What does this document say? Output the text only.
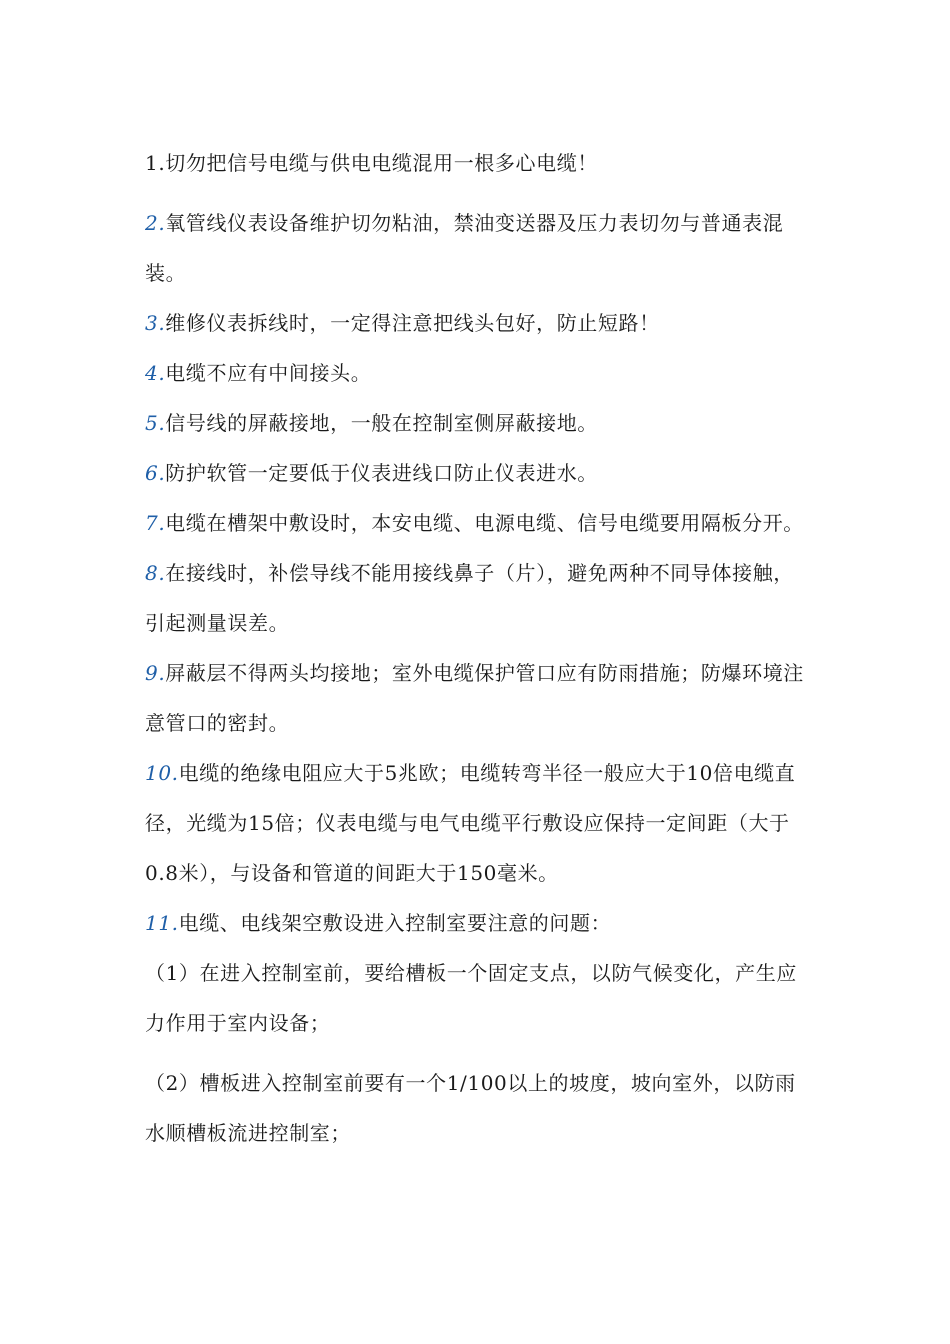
1.切勿把信号电缆与供电电缆混用一根多心电缆！

2.氧管线仪表设备维护切勿粘油，禁油变送器及压力表切勿与普通表混装。

3.维修仪表拆线时，一定得注意把线头包好，防止短路！

4.电缆不应有中间接头。

5.信号线的屏蔽接地，一般在控制室侧屏蔽接地。

6.防护软管一定要低于仪表进线口防止仪表进水。

7.电缆在槽架中敷设时，本安电缆、电源电缆、信号电缆要用隔板分开。

8.在接线时，补偿导线不能用接线鼻子（片），避免两种不同导体接触，引起测量误差。

9.屏蔽层不得两头均接地；室外电缆保护管口应有防雨措施；防爆环境注意管口的密封。

10.电缆的绝缘电阻应大于5兆欧；电缆转弯半径一般应大于10倍电缆直径，光缆为15倍；仪表电缆与电气电缆平行敷设应保持一定间距（大于0.8米），与设备和管道的间距大于150毫米。

11.电缆、电线架空敷设进入控制室要注意的问题：

（1）在进入控制室前，要给槽板一个固定支点，以防气候变化，产生应力作用于室内设备；

（2）槽板进入控制室前要有一个1/100以上的坡度，坡向室外，以防雨水顺槽板流进控制室；
